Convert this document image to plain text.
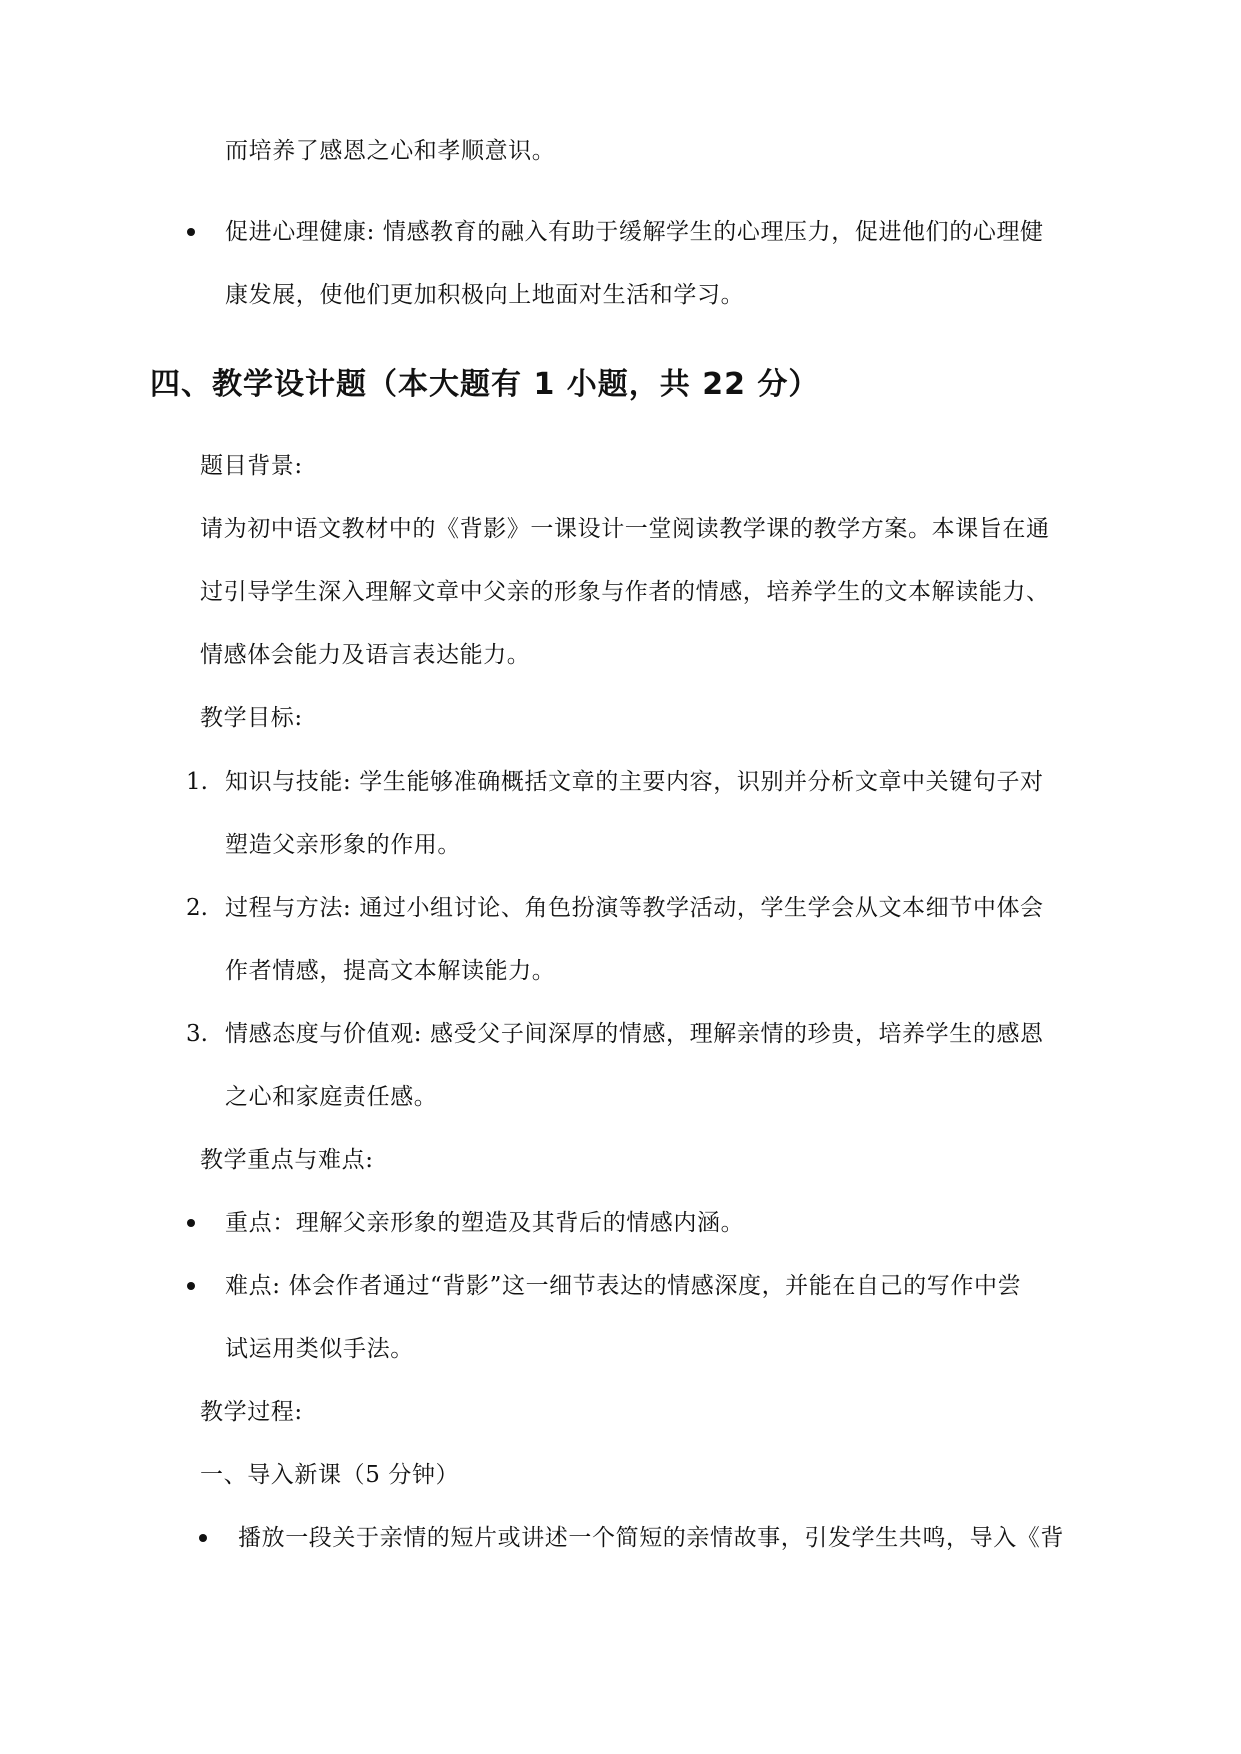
而培养了感恩之心和孝顺意识。
促进心理健康: 情感教育的融入有助于缓解学生的心理压力，促进他们的心理健
康发展，使他们更加积极向上地面对生活和学习。
四、教学设计题（本大题有 1 小题，共 22 分）
题目背景:
请为初中语文教材中的《背影》一课设计一堂阅读教学课的教学方案。本课旨在通
过引导学生深入理解文章中父亲的形象与作者的情感，培养学生的文本解读能力、
情感体会能力及语言表达能力。
教学目标:
1. 知识与技能: 学生能够准确概括文章的主要内容，识别并分析文章中关键句子对
塑造父亲形象的作用。
2. 过程与方法: 通过小组讨论、角色扮演等教学活动，学生学会从文本细节中体会
作者情感，提高文本解读能力。
3. 情感态度与价值观: 感受父子间深厚的情感，理解亲情的珍贵，培养学生的感恩
之心和家庭责任感。
教学重点与难点:
重点：理解父亲形象的塑造及其背后的情感内涵。
难点: 体会作者通过“背影”这一细节表达的情感深度，并能在自己的写作中尝
试运用类似手法。
教学过程:
一、导入新课（5 分钟）
播放一段关于亲情的短片或讲述一个简短的亲情故事，引发学生共鸣，导入《背
